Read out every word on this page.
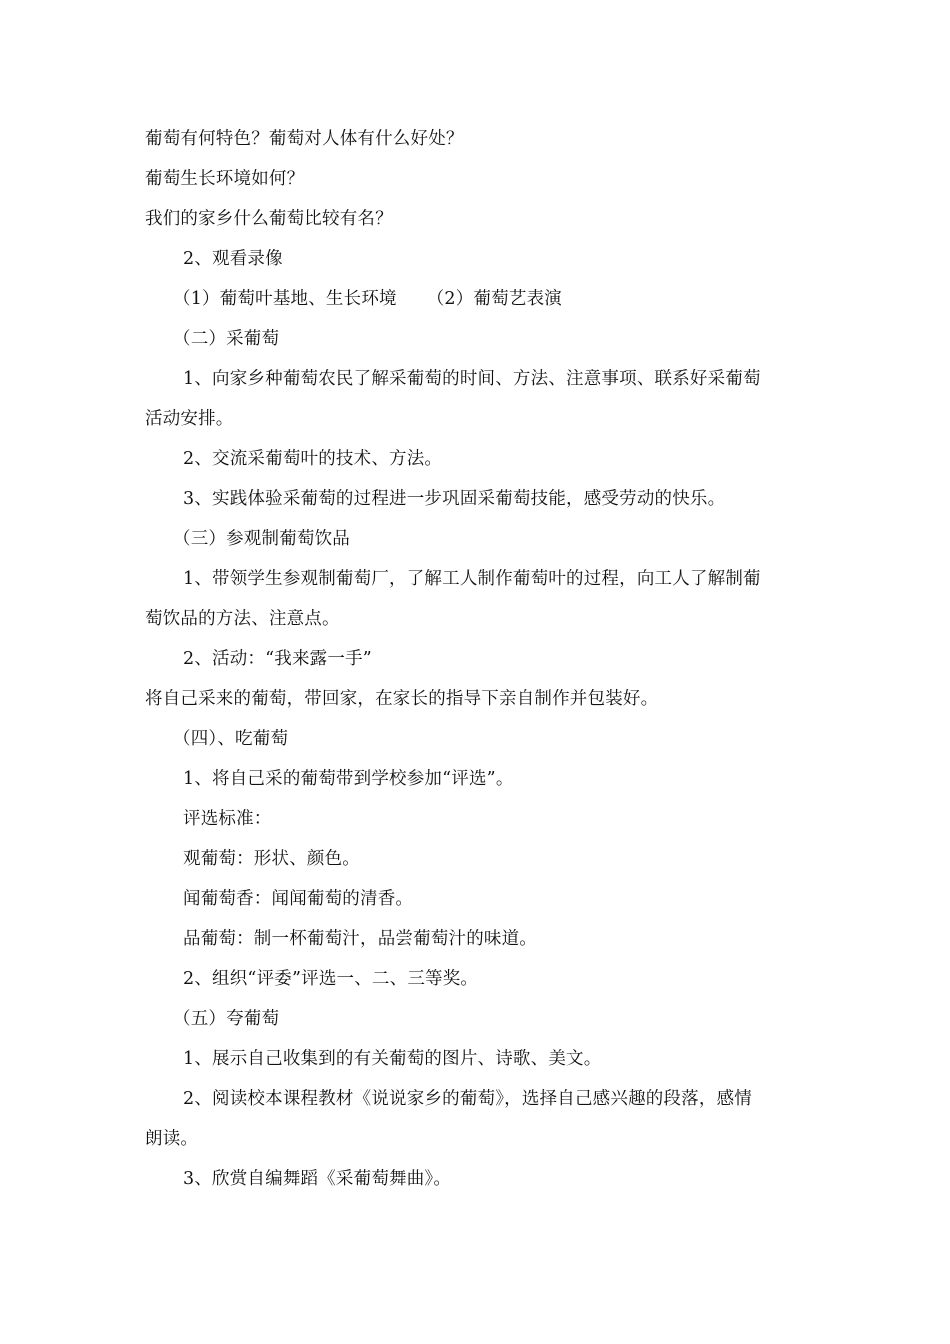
葡萄有何特色？葡萄对人体有什么好处？
葡萄生长环境如何？
我们的家乡什么葡萄比较有名？
2、观看录像
（1）葡萄叶基地、生长环境 （2）葡萄艺表演
（二）采葡萄
1、向家乡种葡萄农民了解采葡萄的时间、方法、注意事项、联系好采葡萄
活动安排。
2、交流采葡萄叶的技术、方法。
3、实践体验采葡萄的过程进一步巩固采葡萄技能，感受劳动的快乐。
（三）参观制葡萄饮品
1、带领学生参观制葡萄厂，了解工人制作葡萄叶的过程，向工人了解制葡
萄饮品的方法、注意点。
2、活动：“我来露一手”
将自己采来的葡萄，带回家，在家长的指导下亲自制作并包装好。
（四）、吃葡萄
1、将自己采的葡萄带到学校参加“评选”。
评选标准：
观葡萄：形状、颜色。
闻葡萄香：闻闻葡萄的清香。
品葡萄：制一杯葡萄汁，品尝葡萄汁的味道。
2、组织“评委”评选一、二、三等奖。
（五）夸葡萄
1、展示自己收集到的有关葡萄的图片、诗歌、美文。
2、阅读校本课程教材《说说家乡的葡萄》，选择自己感兴趣的段落，感情
朗读。
3、欣赏自编舞蹈《采葡萄舞曲》。
